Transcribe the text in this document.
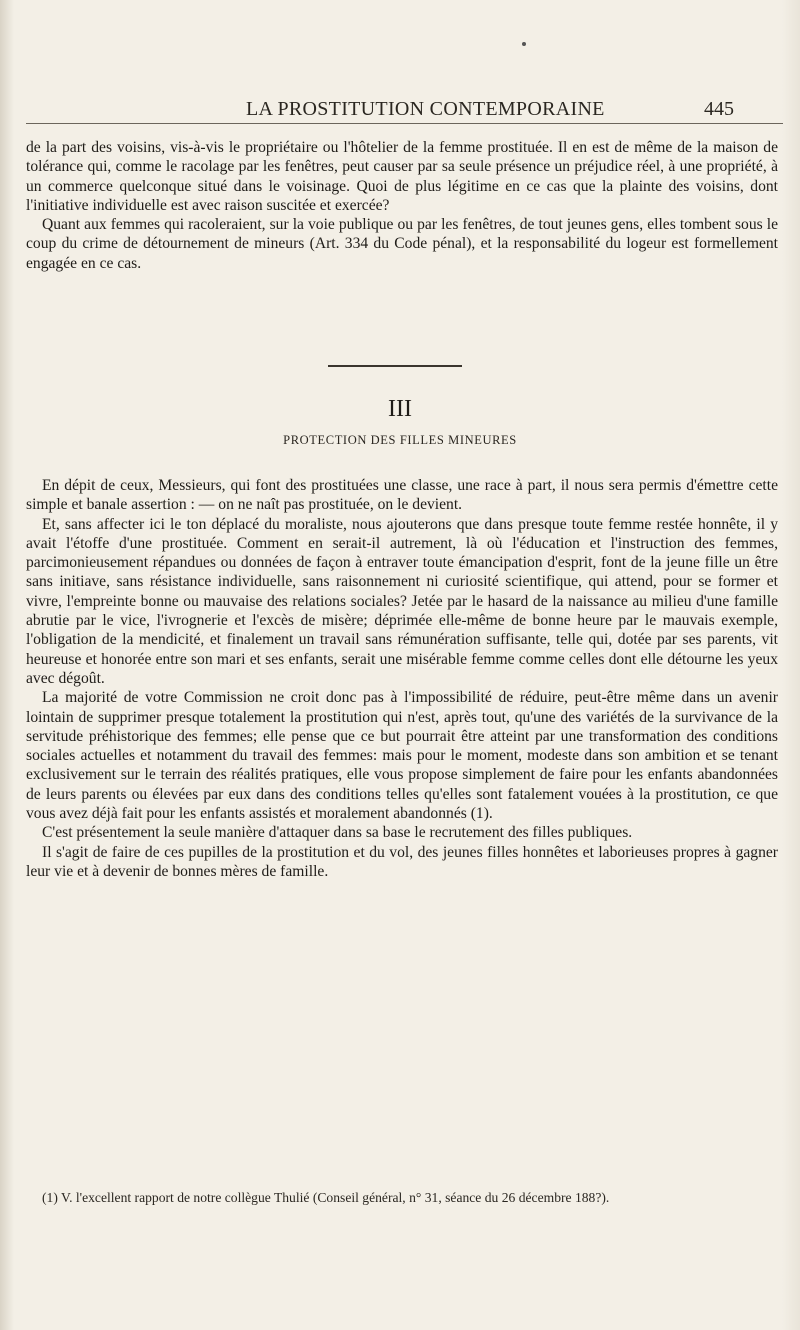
LA PROSTITUTION CONTEMPORAINE	445

de la part des voisins, vis-à-vis le propriétaire ou l'hôtelier de la femme prostituée. Il en est de même de la maison de tolérance qui, comme le racolage par les fenêtres, peut causer par sa seule présence un préjudice réel, à une propriété, à un commerce quelconque situé dans le voisinage. Quoi de plus légitime en ce cas que la plainte des voisins, dont l'initiative individuelle est avec raison suscitée et exercée?

Quant aux femmes qui racoleraient, sur la voie publique ou par les fenêtres, de tout jeunes gens, elles tombent sous le coup du crime de détournement de mineurs (Art. 334 du Code pénal), et la responsabilité du logeur est formellement engagée en ce cas.

III
PROTECTION DES FILLES MINEURES

En dépit de ceux, Messieurs, qui font des prostituées une classe, une race à part, il nous sera permis d'émettre cette simple et banale assertion : — on ne naît pas prostituée, on le devient.

Et, sans affecter ici le ton déplacé du moraliste, nous ajouterons que dans presque toute femme restée honnête, il y avait l'étoffe d'une prostituée. Comment en serait-il autrement, là où l'éducation et l'instruction des femmes, parcimonieusement répandues ou données de façon à entraver toute émancipation d'esprit, font de la jeune fille un être sans initiave, sans résistance individuelle, sans raisonnement ni curiosité scientifique, qui attend, pour se former et vivre, l'empreinte bonne ou mauvaise des relations sociales? Jetée par le hasard de la naissance au milieu d'une famille abrutie par le vice, l'ivrognerie et l'excès de misère; déprimée elle-même de bonne heure par le mauvais exemple, l'obligation de la mendicité, et finalement un travail sans rémunération suffisante, telle qui, dotée par ses parents, vit heureuse et honorée entre son mari et ses enfants, serait une misérable femme comme celles dont elle détourne les yeux avec dégoût.

La majorité de votre Commission ne croit donc pas à l'impossibilité de réduire, peut-être même dans un avenir lointain de supprimer presque totalement la prostitution qui n'est, après tout, qu'une des variétés de la survivance de la servitude préhistorique des femmes; elle pense que ce but pourrait être atteint par une transformation des conditions sociales actuelles et notamment du travail des femmes: mais pour le moment, modeste dans son ambition et se tenant exclusivement sur le terrain des réalités pratiques, elle vous propose simplement de faire pour les enfants abandonnées de leurs parents ou élevées par eux dans des conditions telles qu'elles sont fatalement vouées à la prostitution, ce que vous avez déjà fait pour les enfants assistés et moralement abandonnés (1).

C'est présentement la seule manière d'attaquer dans sa base le recrutement des filles publiques.

Il s'agit de faire de ces pupilles de la prostitution et du vol, des jeunes filles honnêtes et laborieuses propres à gagner leur vie et à devenir de bonnes mères de famille.

(1) V. l'excellent rapport de notre collègue Thulié (Conseil général, n° 31, séance du 26 décembre 188?).
